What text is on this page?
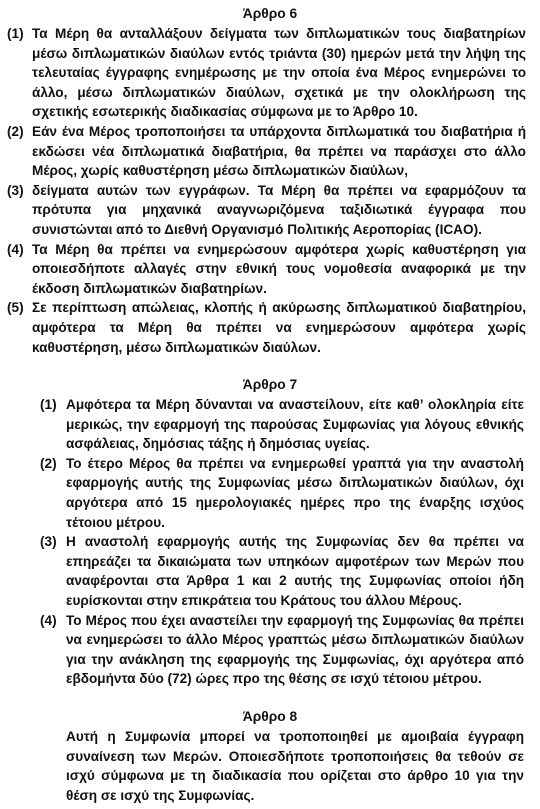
Άρθρο 6
(1) Τα Μέρη θα ανταλλάξουν δείγματα των διπλωματικών τους διαβατηρίων μέσω διπλωματικών διαύλων εντός τριάντα (30) ημερών μετά την λήψη της τελευταίας έγγραφης ενημέρωσης με την οποία ένα Μέρος ενημερώνει το άλλο, μέσω διπλωματικών διαύλων, σχετικά με την ολοκλήρωση της σχετικής εσωτερικής διαδικασίας σύμφωνα με το Άρθρο 10.
(2) Εάν ένα Μέρος τροποποιήσει τα υπάρχοντα διπλωματικά του διαβατήρια ή εκδώσει νέα διπλωματικά διαβατήρια, θα πρέπει να παράσχει στο άλλο Μέρος, χωρίς καθυστέρηση μέσω διπλωματικών διαύλων,
(3) δείγματα αυτών των εγγράφων. Τα Μέρη θα πρέπει να εφαρμόζουν τα πρότυπα για μηχανικά αναγνωριζόμενα ταξιδιωτικά έγγραφα που συνιστώνται από το Διεθνή Οργανισμό Πολιτικής Αεροπορίας (ICAO).
(4) Τα Μέρη θα πρέπει να ενημερώσουν αμφότερα χωρίς καθυστέρηση για οποιεσδήποτε αλλαγές στην εθνική τους νομοθεσία αναφορικά με την έκδοση διπλωματικών διαβατηρίων.
(5) Σε περίπτωση απώλειας, κλοπής ή ακύρωσης διπλωματικού διαβατηρίου, αμφότερα τα Μέρη θα πρέπει να ενημερώσουν αμφότερα χωρίς καθυστέρηση, μέσω διπλωματικών διαύλων.
Άρθρο 7
(1) Αμφότερα τα Μέρη δύνανται να αναστείλουν, είτε καθ’ ολοκληρία είτε μερικώς, την εφαρμογή της παρούσας Συμφωνίας για λόγους εθνικής ασφάλειας, δημόσιας τάξης ή δημόσιας υγείας.
(2) Το έτερο Μέρος θα πρέπει να ενημερωθεί γραπτά για την αναστολή εφαρμογής αυτής της Συμφωνίας μέσω διπλωματικών διαύλων, όχι αργότερα από 15 ημερολογιακές ημέρες προ της έναρξης ισχύος τέτοιου μέτρου.
(3) Η αναστολή εφαρμογής αυτής της Συμφωνίας δεν θα πρέπει να επηρεάζει τα δικαιώματα των υπηκόων αμφοτέρων των Μερών που αναφέρονται στα Άρθρα 1 και 2 αυτής της Συμφωνίας οποίοι ήδη ευρίσκονται στην επικράτεια του Κράτους του άλλου Μέρους.
(4) Το Μέρος που έχει αναστείλει την εφαρμογή της Συμφωνίας θα πρέπει να ενημερώσει το άλλο Μέρος γραπτώς μέσω διπλωματικών διαύλων για την ανάκληση της εφαρμογής της Συμφωνίας, όχι αργότερα από εβδομήντα δύο (72) ώρες προ της θέσης σε ισχύ τέτοιου μέτρου.
Άρθρο 8

Αυτή η Συμφωνία μπορεί να τροποποιηθεί με αμοιβαία έγγραφη συναίνεση των Μερών. Οποιεσδήποτε τροποποιήσεις θα τεθούν σε ισχύ σύμφωνα με τη διαδικασία που ορίζεται στο άρθρο 10 για την θέση σε ισχύ της Συμφωνίας.
